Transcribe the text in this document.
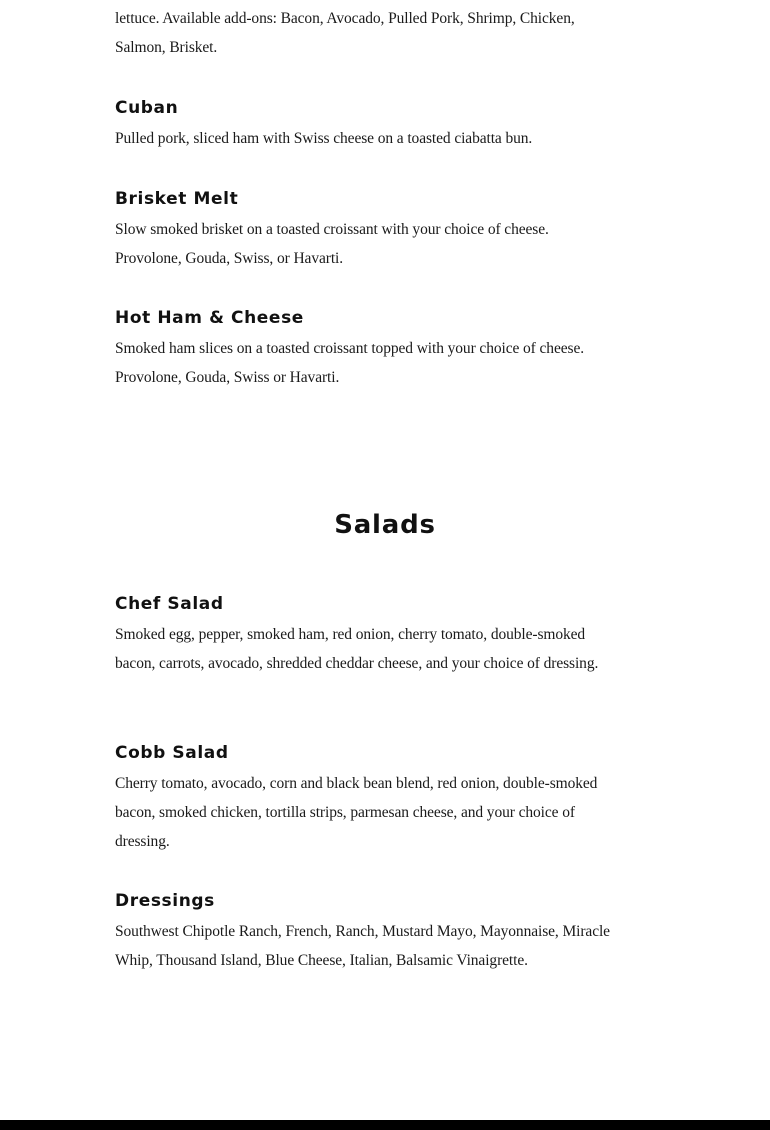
lettuce. Available add-ons: Bacon, Avocado, Pulled Pork, Shrimp, Chicken, Salmon, Brisket.

Cuban

Pulled pork, sliced ham with Swiss cheese on a toasted ciabatta bun.

Brisket Melt

Slow smoked brisket on a toasted croissant with your choice of cheese. Provolone, Gouda, Swiss, or Havarti.

Hot Ham & Cheese

Smoked ham slices on a toasted croissant topped with your choice of cheese. Provolone, Gouda, Swiss or Havarti.

Salads
Chef Salad

Smoked egg, pepper, smoked ham, red onion, cherry tomato, double-smoked bacon, carrots, avocado, shredded cheddar cheese, and your choice of dressing.

Cobb Salad

Cherry tomato, avocado, corn and black bean blend, red onion, double-smoked bacon, smoked chicken, tortilla strips, parmesan cheese, and your choice of dressing.

Dressings

Southwest Chipotle Ranch, French, Ranch, Mustard Mayo, Mayonnaise, Miracle Whip, Thousand Island, Blue Cheese, Italian, Balsamic Vinaigrette.
